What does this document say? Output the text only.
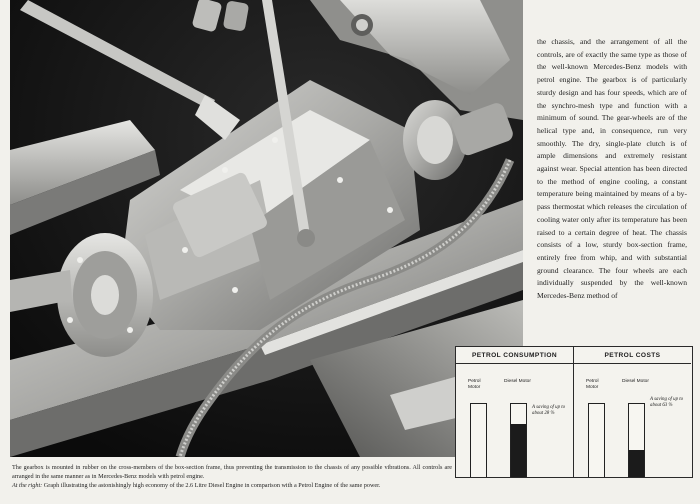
the chassis, and the arrangement of all the controls, are of exactly the same type as those of the well-known Mercedes-Benz models with petrol engine. The gearbox is of particularly sturdy design and has four speeds, which are of the synchro-mesh type and function with a minimum of sound. The gear-wheels are of the helical type and, in consequence, run very smoothly. The dry, single-plate clutch is of ample dimensions and extremely resistant against wear. Special attention has been directed to the method of engine cooling, a constant temperature being maintained by means of a by-pass thermostat which releases the circulation of cooling water only after its temperature has been raised to a certain degree of heat. The chassis consists of a low, sturdy box-section frame, entirely free from whip, and with substantial ground clearance. The four wheels are each individually suspended by the well-known Mercedes-Benz method of
PETROL CONSUMPTION
Petrol Motor
Diesel Motor
A saving of up to about 28 %
PETROL COSTS
Petrol Motor
Diesel Motor
A saving of up to about 63 %

The gearbox is mounted in rubber on the cross-members of the box-section frame, thus preventing the transmission to the chassis of any possible vibrations. All controls are arranged in the same manner as in Mercedes-Benz models with petrol engine.

At the right: Graph illustrating the astonishingly high economy of the 2.6 Litre Diesel Engine in comparison with a Petrol Engine of the same power.
